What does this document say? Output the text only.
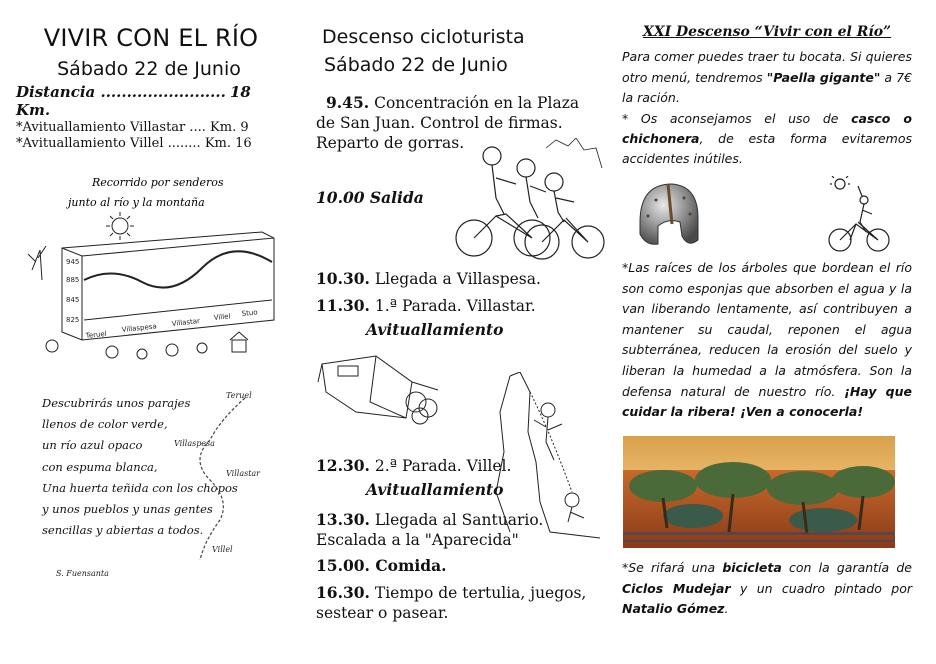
VIVIR CON EL RÍO
Sábado 22 de Junio
Distancia ........................ 18 Km.
*Avituallamiento Villastar .... Km. 9
*Avituallamiento Villel ........ Km. 16
Recorrido por senderos
junto al río y la montaña
945
885
845
825
Teruel
Villaspesa Villastar Villel Stuo
Descubrirás unos parajes
llenos de color verde,
un río azul opaco
con espuma blanca,
Una huerta teñida con los chopos
y unos pueblos y unas gentes
sencillas y abiertas a todos.
Teruel
Villaspesa
Villastar
Villel
S. Fuensanta
Descenso cicloturista
Sábado 22 de Junio
9.45. Concentración en la Plaza
de San Juan. Control de firmas.
Reparto de gorras.
10.00 Salida
10.30. Llegada a Villaspesa.
11.30. 1.ª Parada. Villastar.
Avituallamiento
12.30. 2.ª Parada. Villel.
Avituallamiento
13.30. Llegada al Santuario.
Escalada a la "Aparecida"
15.00. Comida.
16.30. Tiempo de tertulia, juegos,
sestear o pasear.
XXI Descenso “Vivir con el Río”
Para comer puedes traer tu bocata. Si quieres otro menú, tendremos "Paella gigante" a 7€ la ración.
* Os aconsejamos el uso de casco o chichonera, de esta forma evitaremos accidentes inútiles.
*Las raíces de los árboles que bordean el río son como esponjas que absorben el agua y la van liberando lentamente, así contribuyen a mantener su caudal, reponen el agua subterránea, reducen la erosión del suelo y liberan la humedad a la atmósfera. Son la defensa natural de nuestro río. ¡Hay que cuidar la ribera! ¡Ven a conocerla!
*Se rifará una bicicleta con la garantía de Ciclos Mudejar y un cuadro pintado por Natalio Gómez.
